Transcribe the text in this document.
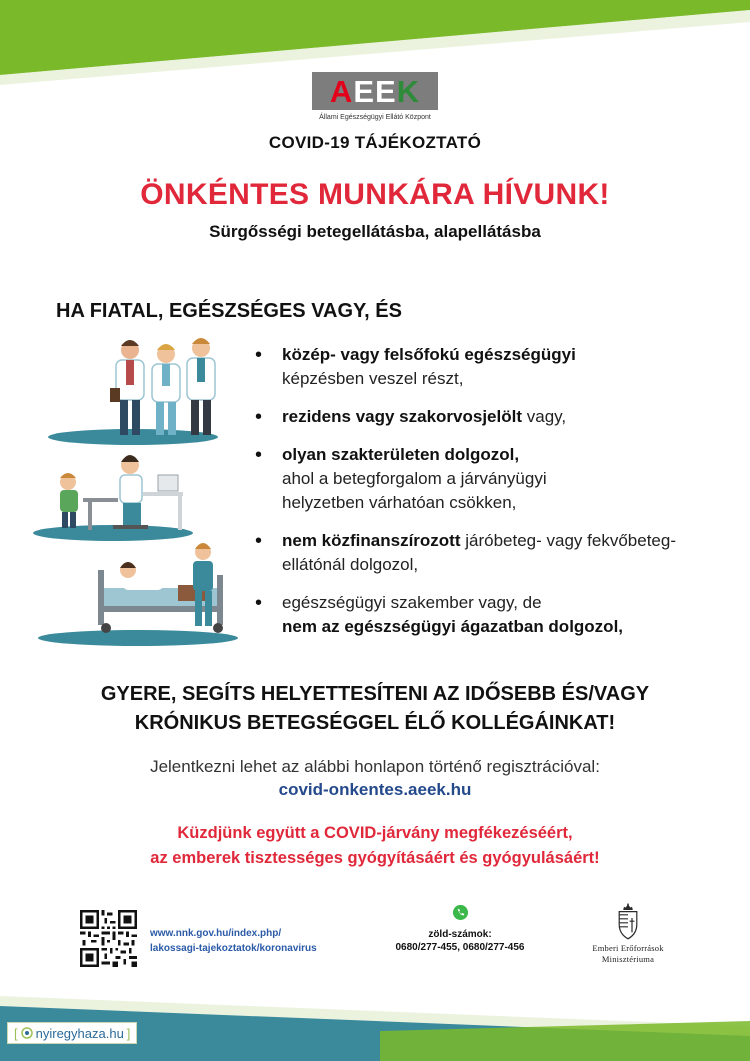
AEEK
Állami Egészségügyi Ellátó Központ
COVID-19 TÁJÉKOZTATÓ
ÖNKÉNTES MUNKÁRA HÍVUNK!
Sürgősségi betegellátásba, alapellátásba
HA FIATAL, EGÉSZSÉGES VAGY, ÉS
• közép- vagy felsőfokú egészségügyi
képzésben veszel részt,
• rezidens vagy szakorvosjelölt vagy,
• olyan szakterületen dolgozol,
ahol a betegforgalom a járványügyi helyzetben várhatóan csökken,
• nem közfinanszírozott járóbeteg- vagy fekvőbeteg-ellátónál dolgozol,
• egészségügyi szakember vagy, de
nem az egészségügyi ágazatban dolgozol,
GYERE, SEGÍTS HELYETTESÍTENI AZ IDŐSEBB ÉS/VAGY
KRÓNIKUS BETEGSÉGGEL ÉLŐ KOLLÉGÁINKAT!
Jelentkezni lehet az alábbi honlapon történő regisztrációval:
covid-onkentes.aeek.hu
Küzdjünk együtt a COVID-járvány megfékezéséért,
az emberek tisztességes gyógyításáért és gyógyulásáért!
www.nnk.gov.hu/index.php/
lakossagi-tajekoztatok/koronavirus
zöld-számok:
0680/277-455, 0680/277-456	Emberi Erőforrások
Minisztériuma
[ nyiregyhaza.hu ]
